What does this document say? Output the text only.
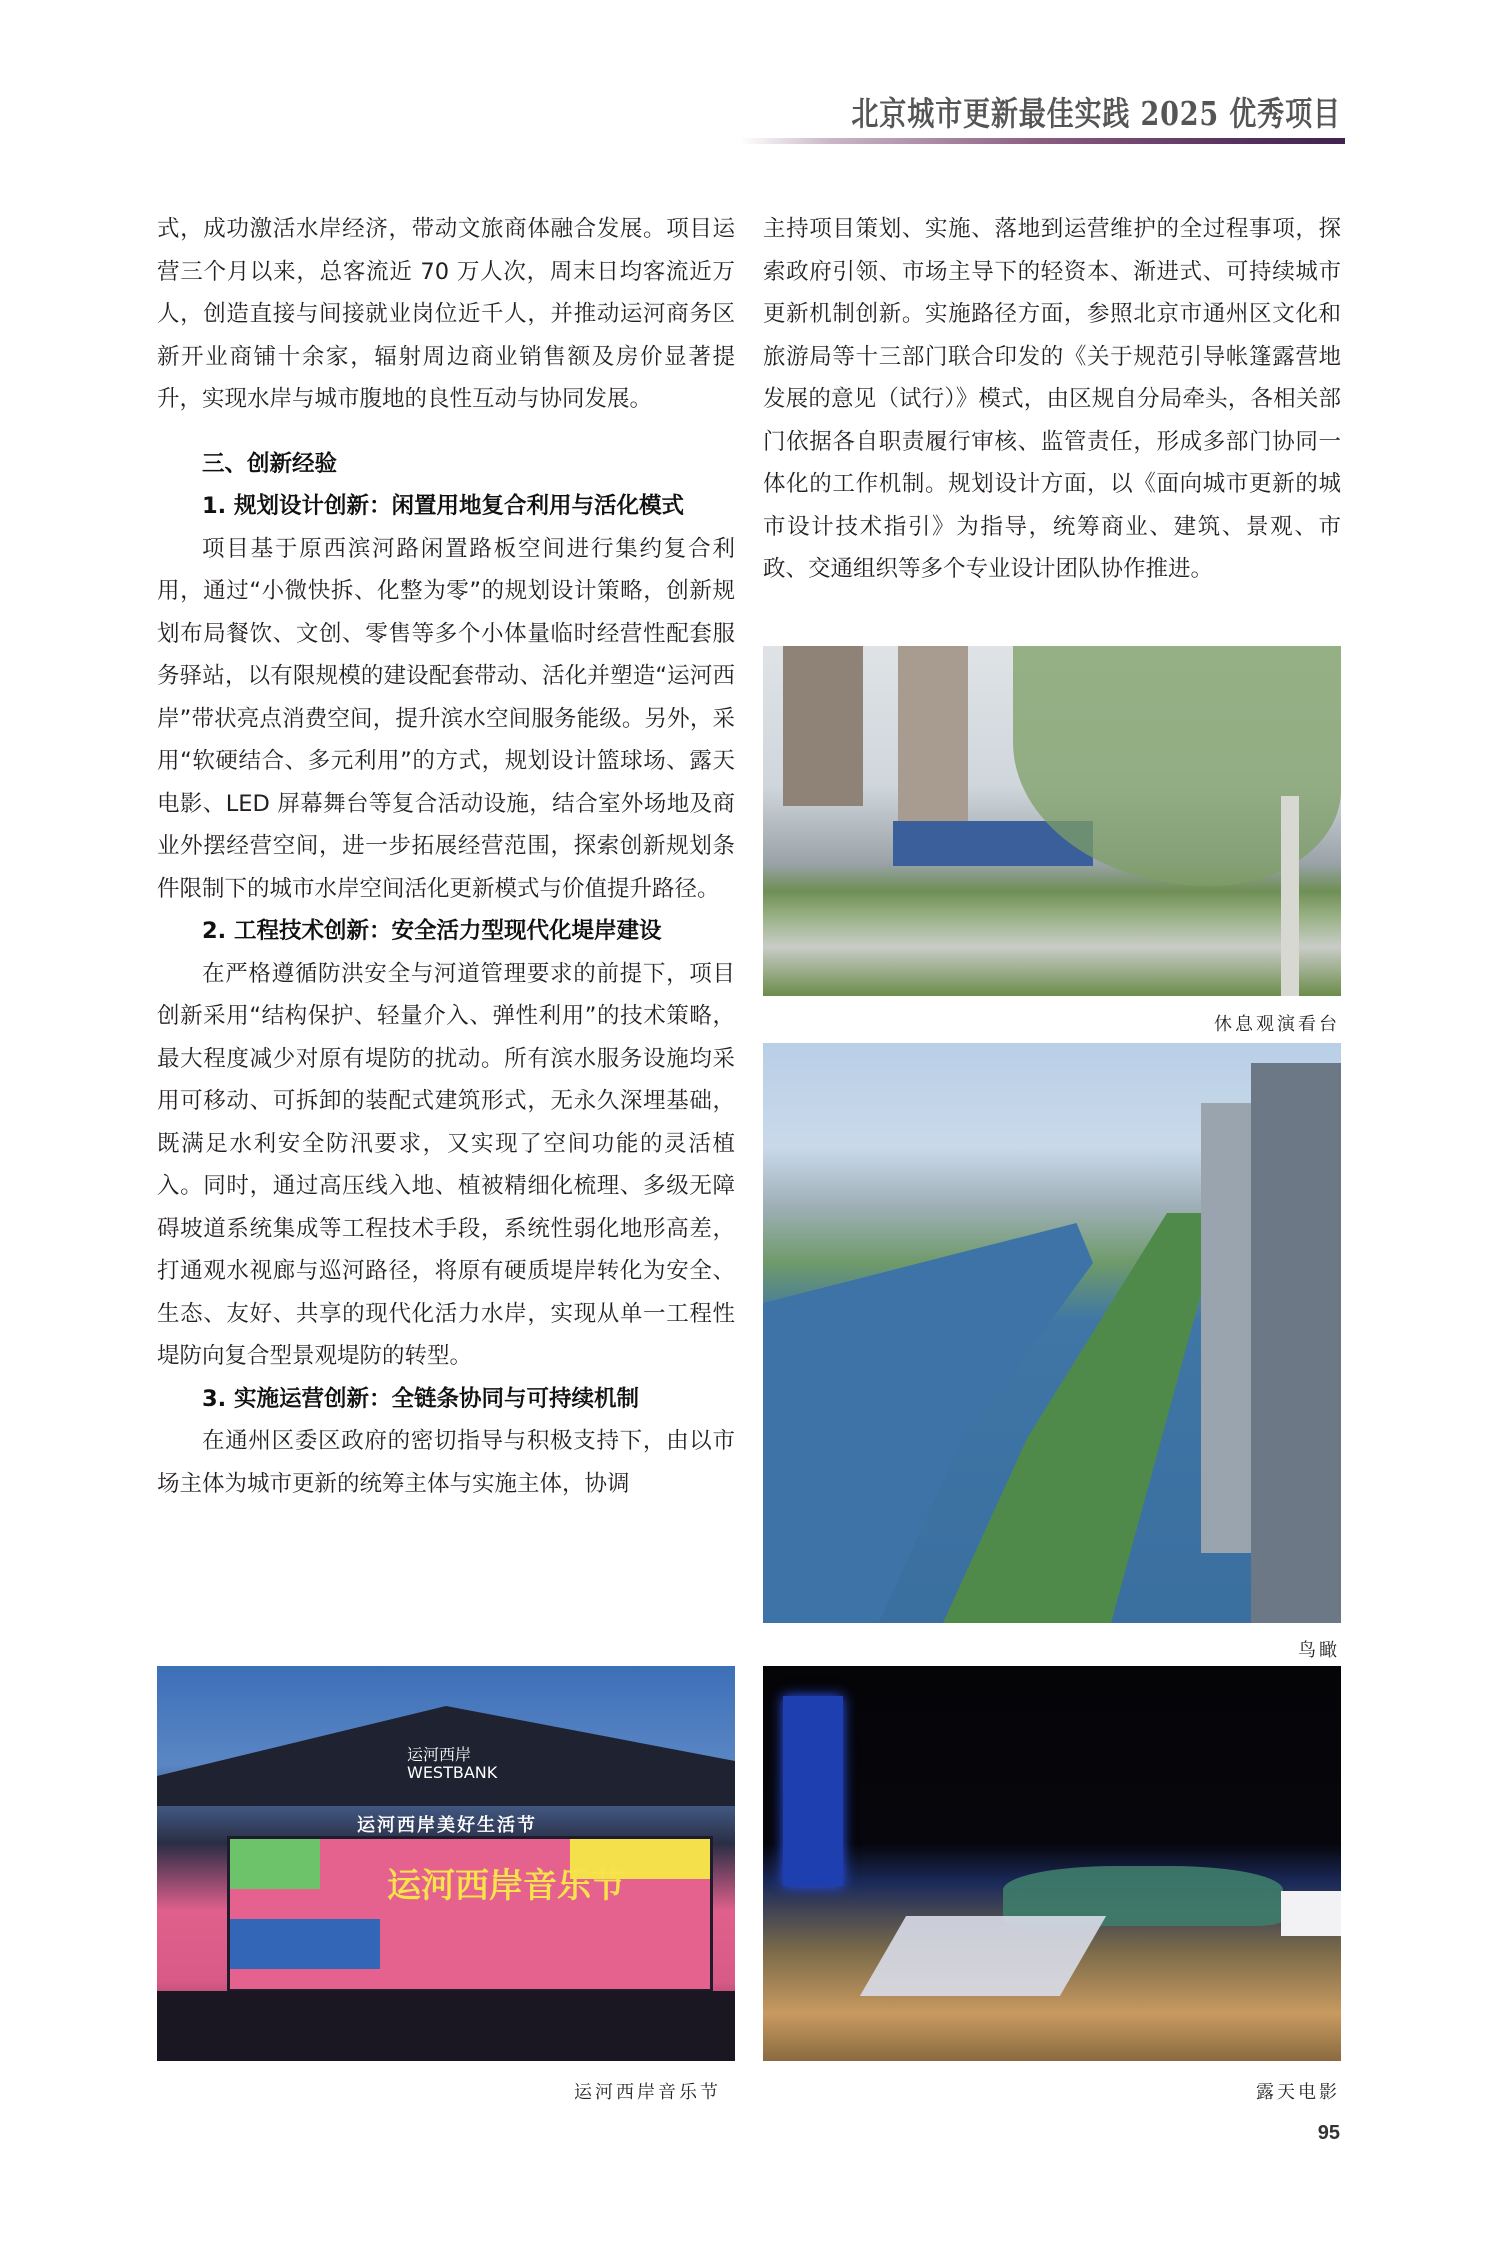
北京城市更新最佳实践 2025 优秀项目

式，成功激活水岸经济，带动文旅商体融合发展。项目运营三个月以来，总客流近 70 万人次，周末日均客流近万人，创造直接与间接就业岗位近千人，并推动运河商务区新开业商铺十余家，辐射周边商业销售额及房价显著提升，实现水岸与城市腹地的良性互动与协同发展。

三、创新经验

1. 规划设计创新：闲置用地复合利用与活化模式

项目基于原西滨河路闲置路板空间进行集约复合利用，通过“小微快拆、化整为零”的规划设计策略，创新规划布局餐饮、文创、零售等多个小体量临时经营性配套服务驿站，以有限规模的建设配套带动、活化并塑造“运河西岸”带状亮点消费空间，提升滨水空间服务能级。另外，采用“软硬结合、多元利用”的方式，规划设计篮球场、露天电影、LED 屏幕舞台等复合活动设施，结合室外场地及商业外摆经营空间，进一步拓展经营范围，探索创新规划条件限制下的城市水岸空间活化更新模式与价值提升路径。

2. 工程技术创新：安全活力型现代化堤岸建设

在严格遵循防洪安全与河道管理要求的前提下，项目创新采用“结构保护、轻量介入、弹性利用”的技术策略，最大程度减少对原有堤防的扰动。所有滨水服务设施均采用可移动、可拆卸的装配式建筑形式，无永久深埋基础，既满足水利安全防汛要求，又实现了空间功能的灵活植入。同时，通过高压线入地、植被精细化梳理、多级无障碍坡道系统集成等工程技术手段，系统性弱化地形高差，打通观水视廊与巡河路径，将原有硬质堤岸转化为安全、生态、友好、共享的现代化活力水岸，实现从单一工程性堤防向复合型景观堤防的转型。

3. 实施运营创新：全链条协同与可持续机制

在通州区委区政府的密切指导与积极支持下，由以市场主体为城市更新的统筹主体与实施主体，协调

主持项目策划、实施、落地到运营维护的全过程事项，探索政府引领、市场主导下的轻资本、渐进式、可持续城市更新机制创新。实施路径方面，参照北京市通州区文化和旅游局等十三部门联合印发的《关于规范引导帐篷露营地发展的意见（试行）》模式，由区规自分局牵头，各相关部门依据各自职责履行审核、监管责任，形成多部门协同一体化的工作机制。规划设计方面，以《面向城市更新的城市设计技术指引》为指导，统筹商业、建筑、景观、市政、交通组织等多个专业设计团队协作推进。

休息观演看台
鸟瞰
运河西岸
WESTBANK
运河西岸美好生活节
运河西岸音乐节
运河西岸音乐节	露天电影
95
